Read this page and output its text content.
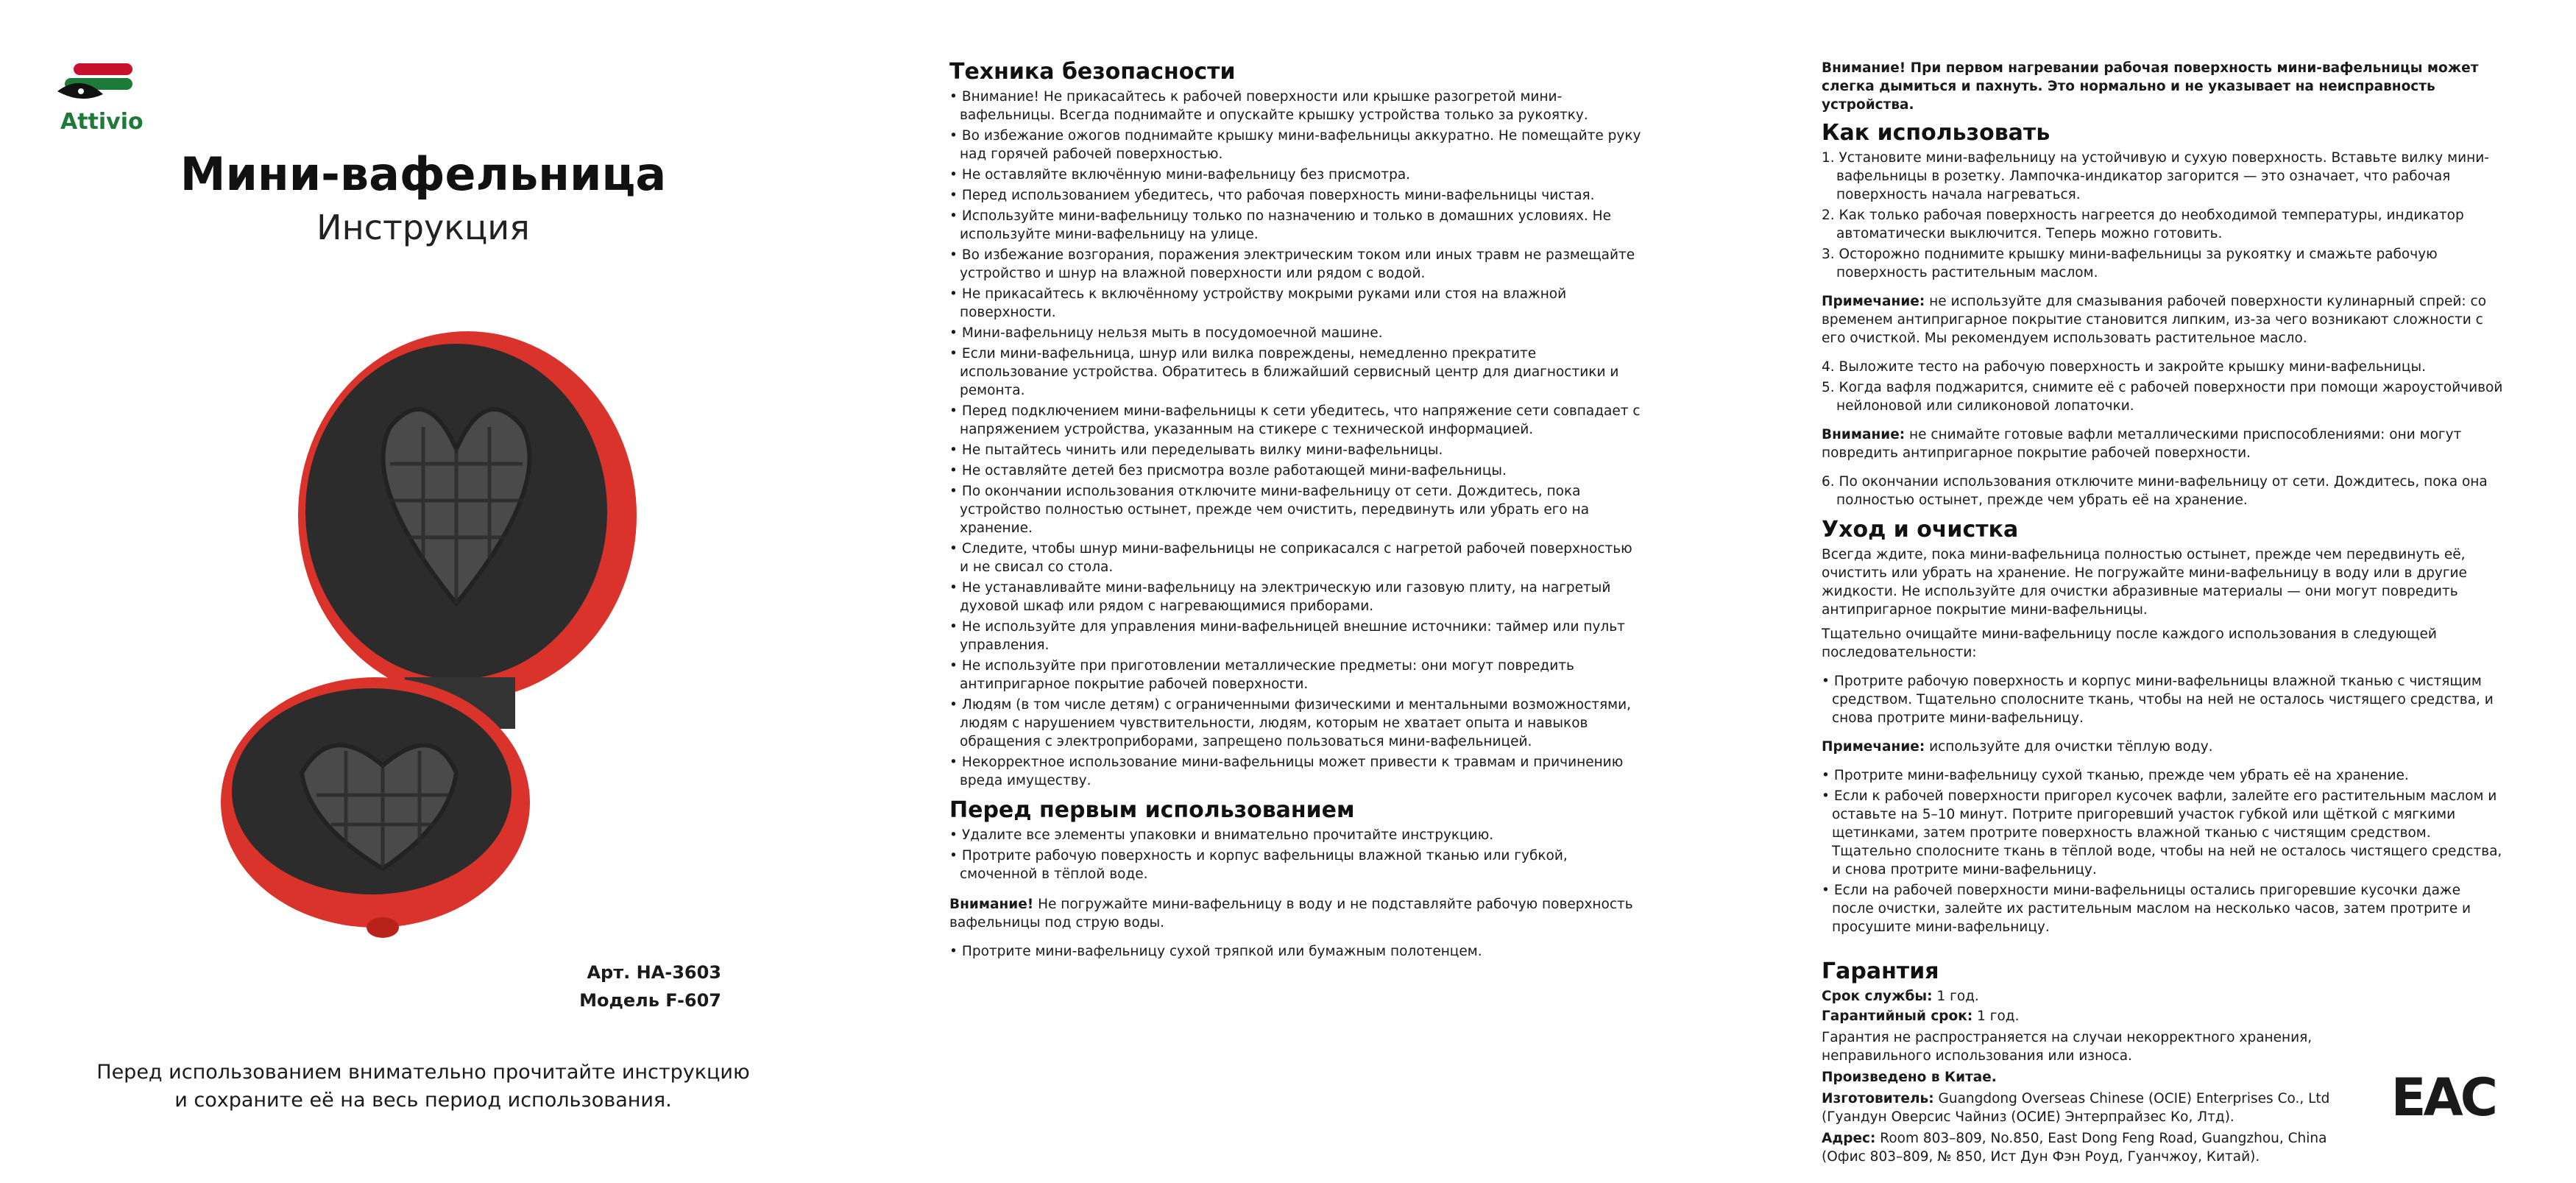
Attivio
Мини-вафельница
Инструкция
Арт. HA-3603
Модель F-607
Перед использованием внимательно прочитайте инструкцию
и сохраните её на весь период использования.
Техника безопасности
• Внимание! Не прикасайтесь к рабочей поверхности или крышке разогретой мини-вафельницы. Всегда поднимайте и опускайте крышку устройства только за рукоятку.
• Во избежание ожогов поднимайте крышку мини-вафельницы аккуратно. Не помещайте руку над горячей рабочей поверхностью.
• Не оставляйте включённую мини-вафельницу без присмотра.
• Перед использованием убедитесь, что рабочая поверхность мини-вафельницы чистая.
• Используйте мини-вафельницу только по назначению и только в домашних условиях. Не используйте мини-вафельницу на улице.
• Во избежание возгорания, поражения электрическим током или иных травм не размещайте устройство и шнур на влажной поверхности или рядом с водой.
• Не прикасайтесь к включённому устройству мокрыми руками или стоя на влажной поверхности.
• Мини-вафельницу нельзя мыть в посудомоечной машине.
• Если мини-вафельница, шнур или вилка повреждены, немедленно прекратите использование устройства. Обратитесь в ближайший сервисный центр для диагностики и ремонта.
• Перед подключением мини-вафельницы к сети убедитесь, что напряжение сети совпадает с напряжением устройства, указанным на стикере с технической информацией.
• Не пытайтесь чинить или переделывать вилку мини-вафельницы.
• Не оставляйте детей без присмотра возле работающей мини-вафельницы.
• По окончании использования отключите мини-вафельницу от сети. Дождитесь, пока устройство полностью остынет, прежде чем очистить, передвинуть или убрать его на хранение.
• Следите, чтобы шнур мини-вафельницы не соприкасался с нагретой рабочей поверхностью и не свисал со стола.
• Не устанавливайте мини-вафельницу на электрическую или газовую плиту, на нагретый духовой шкаф или рядом с нагревающимися приборами.
• Не используйте для управления мини-вафельницей внешние источники: таймер или пульт управления.
• Не используйте при приготовлении металлические предметы: они могут повредить антипригарное покрытие рабочей поверхности.
• Людям (в том числе детям) с ограниченными физическими и ментальными возможностями, людям с нарушением чувствительности, людям, которым не хватает опыта и навыков обращения с электроприборами, запрещено пользоваться мини-вафельницей.
• Некорректное использование мини-вафельницы может привести к травмам и причинению вреда имуществу.
Перед первым использованием
• Удалите все элементы упаковки и внимательно прочитайте инструкцию.
• Протрите рабочую поверхность и корпус вафельницы влажной тканью или губкой, смоченной в тёплой воде.
Внимание! Не погружайте мини-вафельницу в воду и не подставляйте рабочую поверхность вафельницы под струю воды.
• Протрите мини-вафельницу сухой тряпкой или бумажным полотенцем.
Внимание! При первом нагревании рабочая поверхность мини-вафельницы может слегка дымиться и пахнуть. Это нормально и не указывает на неисправность устройства.
Как использовать
1. Установите мини-вафельницу на устойчивую и сухую поверхность. Вставьте вилку мини-вафельницы в розетку. Лампочка-индикатор загорится — это означает, что рабочая поверхность начала нагреваться.
2. Как только рабочая поверхность нагреется до необходимой температуры, индикатор автоматически выключится. Теперь можно готовить.
3. Осторожно поднимите крышку мини-вафельницы за рукоятку и смажьте рабочую поверхность растительным маслом.
Примечание: не используйте для смазывания рабочей поверхности кулинарный спрей: со временем антипригарное покрытие становится липким, из-за чего возникают сложности с его очисткой. Мы рекомендуем использовать растительное масло.
4. Выложите тесто на рабочую поверхность и закройте крышку мини-вафельницы.
5. Когда вафля поджарится, снимите её с рабочей поверхности при помощи жароустойчивой нейлоновой или силиконовой лопаточки.
Внимание: не снимайте готовые вафли металлическими приспособлениями: они могут повредить антипригарное покрытие рабочей поверхности.
6. По окончании использования отключите мини-вафельницу от сети. Дождитесь, пока она полностью остынет, прежде чем убрать её на хранение.
Уход и очистка
Всегда ждите, пока мини-вафельница полностью остынет, прежде чем передвинуть её, очистить или убрать на хранение. Не погружайте мини-вафельницу в воду или в другие жидкости. Не используйте для очистки абразивные материалы — они могут повредить антипригарное покрытие мини-вафельницы.
Тщательно очищайте мини-вафельницу после каждого использования в следующей последовательности:
• Протрите рабочую поверхность и корпус мини-вафельницы влажной тканью с чистящим средством. Тщательно сполосните ткань, чтобы на ней не осталось чистящего средства, и снова протрите мини-вафельницу.
Примечание: используйте для очистки тёплую воду.
• Протрите мини-вафельницу сухой тканью, прежде чем убрать её на хранение.
• Если к рабочей поверхности пригорел кусочек вафли, залейте его растительным маслом и оставьте на 5–10 минут. Потрите пригоревший участок губкой или щёткой с мягкими щетинками, затем протрите поверхность влажной тканью с чистящим средством. Тщательно сполосните ткань в тёплой воде, чтобы на ней не осталось чистящего средства, и снова протрите мини-вафельницу.
• Если на рабочей поверхности мини-вафельницы остались пригоревшие кусочки даже после очистки, залейте их растительным маслом на несколько часов, затем протрите и просушите мини-вафельницу.
Гарантия
Срок службы: 1 год.
Гарантийный срок: 1 год.
Гарантия не распространяется на случаи некорректного хранения, неправильного использования или износа.
Произведено в Китае.
Изготовитель: Guangdong Overseas Chinese (OCIE) Enterprises Co., Ltd (Гуандун Оверсис Чайниз (ОСИЕ) Энтерпрайзес Ко, Лтд).
Адрес: Room 803–809, No.850, East Dong Feng Road, Guangzhou, China (Офис 803–809, № 850, Ист Дун Фэн Роуд, Гуанчжоу, Китай).
EAC
